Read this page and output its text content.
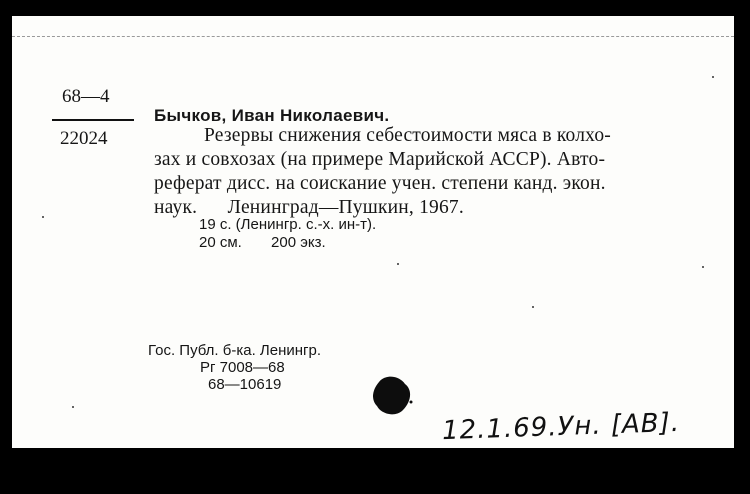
68—4
22024
Бычков, Иван Николаевич.
Резервы снижения себестоимости мяса в колхо-
зах и совхозах (на примере Марийской АССР). Авто-
реферат дисс. на соискание учен. степени канд. экон.
наук.      Ленинград—Пушкин, 1967.
19 с. (Ленингр. с.-х. ин-т).
20 см.       200 экз.
Гос. Публ. б-ка. Ленингр.
Рг 7008—68
68—10619
12.1.69.Ун. [АВ].
